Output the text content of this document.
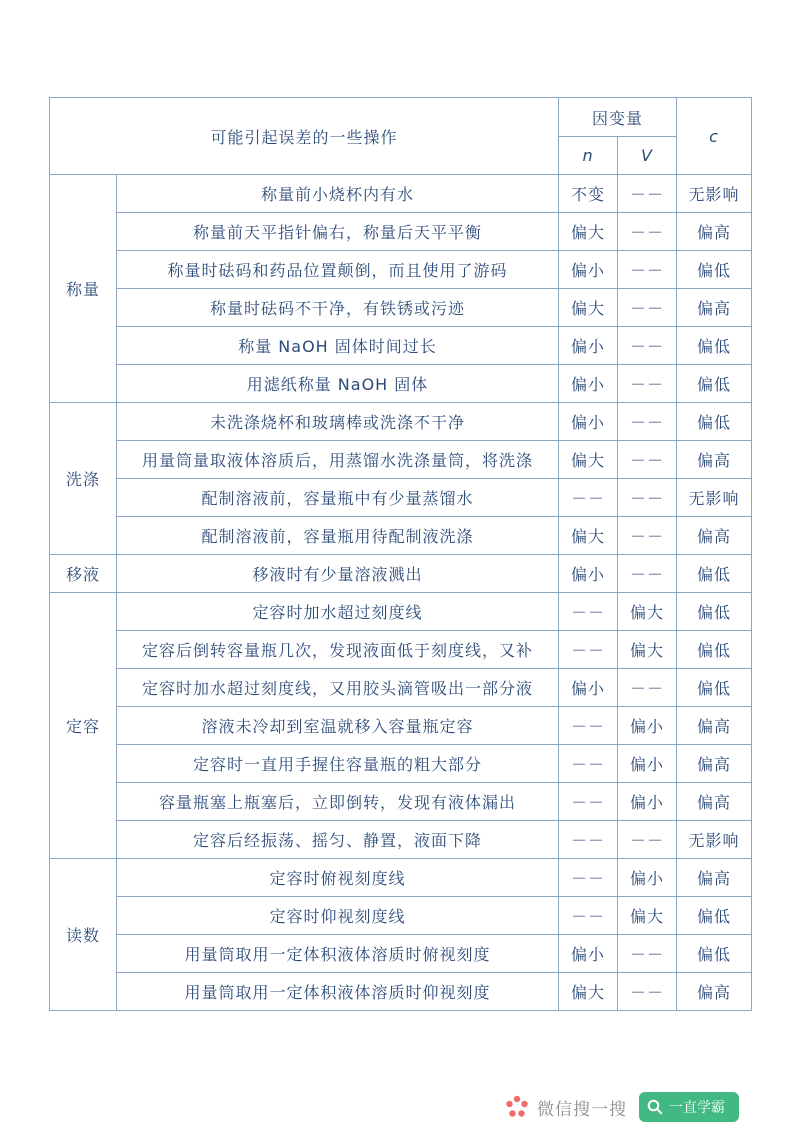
可能引起误差的一些操作		因变量		c
		n	V	
称量	称量前小烧杯内有水	不变	－－	无影响
	称量前天平指针偏右，称量后天平平衡	偏大	－－	偏高
	称量时砝码和药品位置颠倒，而且使用了游码	偏小	－－	偏低
	称量时砝码不干净，有铁锈或污迹	偏大	－－	偏高
	称量 NaOH 固体时间过长	偏小	－－	偏低
	用滤纸称量 NaOH 固体	偏小	－－	偏低
洗涤	未洗涤烧杯和玻璃棒或洗涤不干净	偏小	－－	偏低
	用量筒量取液体溶质后，用蒸馏水洗涤量筒，将洗涤	偏大	－－	偏高
	配制溶液前，容量瓶中有少量蒸馏水	－－	－－	无影响
	配制溶液前，容量瓶用待配制液洗涤	偏大	－－	偏高
移液	移液时有少量溶液溅出	偏小	－－	偏低
定容	定容时加水超过刻度线	－－	偏大	偏低
	定容后倒转容量瓶几次，发现液面低于刻度线，又补	－－	偏大	偏低
	定容时加水超过刻度线，又用胶头滴管吸出一部分液	偏小	－－	偏低
	溶液未冷却到室温就移入容量瓶定容	－－	偏小	偏高
	定容时一直用手握住容量瓶的粗大部分	－－	偏小	偏高
	容量瓶塞上瓶塞后，立即倒转，发现有液体漏出	－－	偏小	偏高
	定容后经振荡、摇匀、静置，液面下降	－－	－－	无影响
读数	定容时俯视刻度线	－－	偏小	偏高
	定容时仰视刻度线	－－	偏大	偏低
	用量筒取用一定体积液体溶质时俯视刻度	偏小	－－	偏低
	用量筒取用一定体积液体溶质时仰视刻度	偏大	－－	偏高
微信搜一搜	一直学霸
